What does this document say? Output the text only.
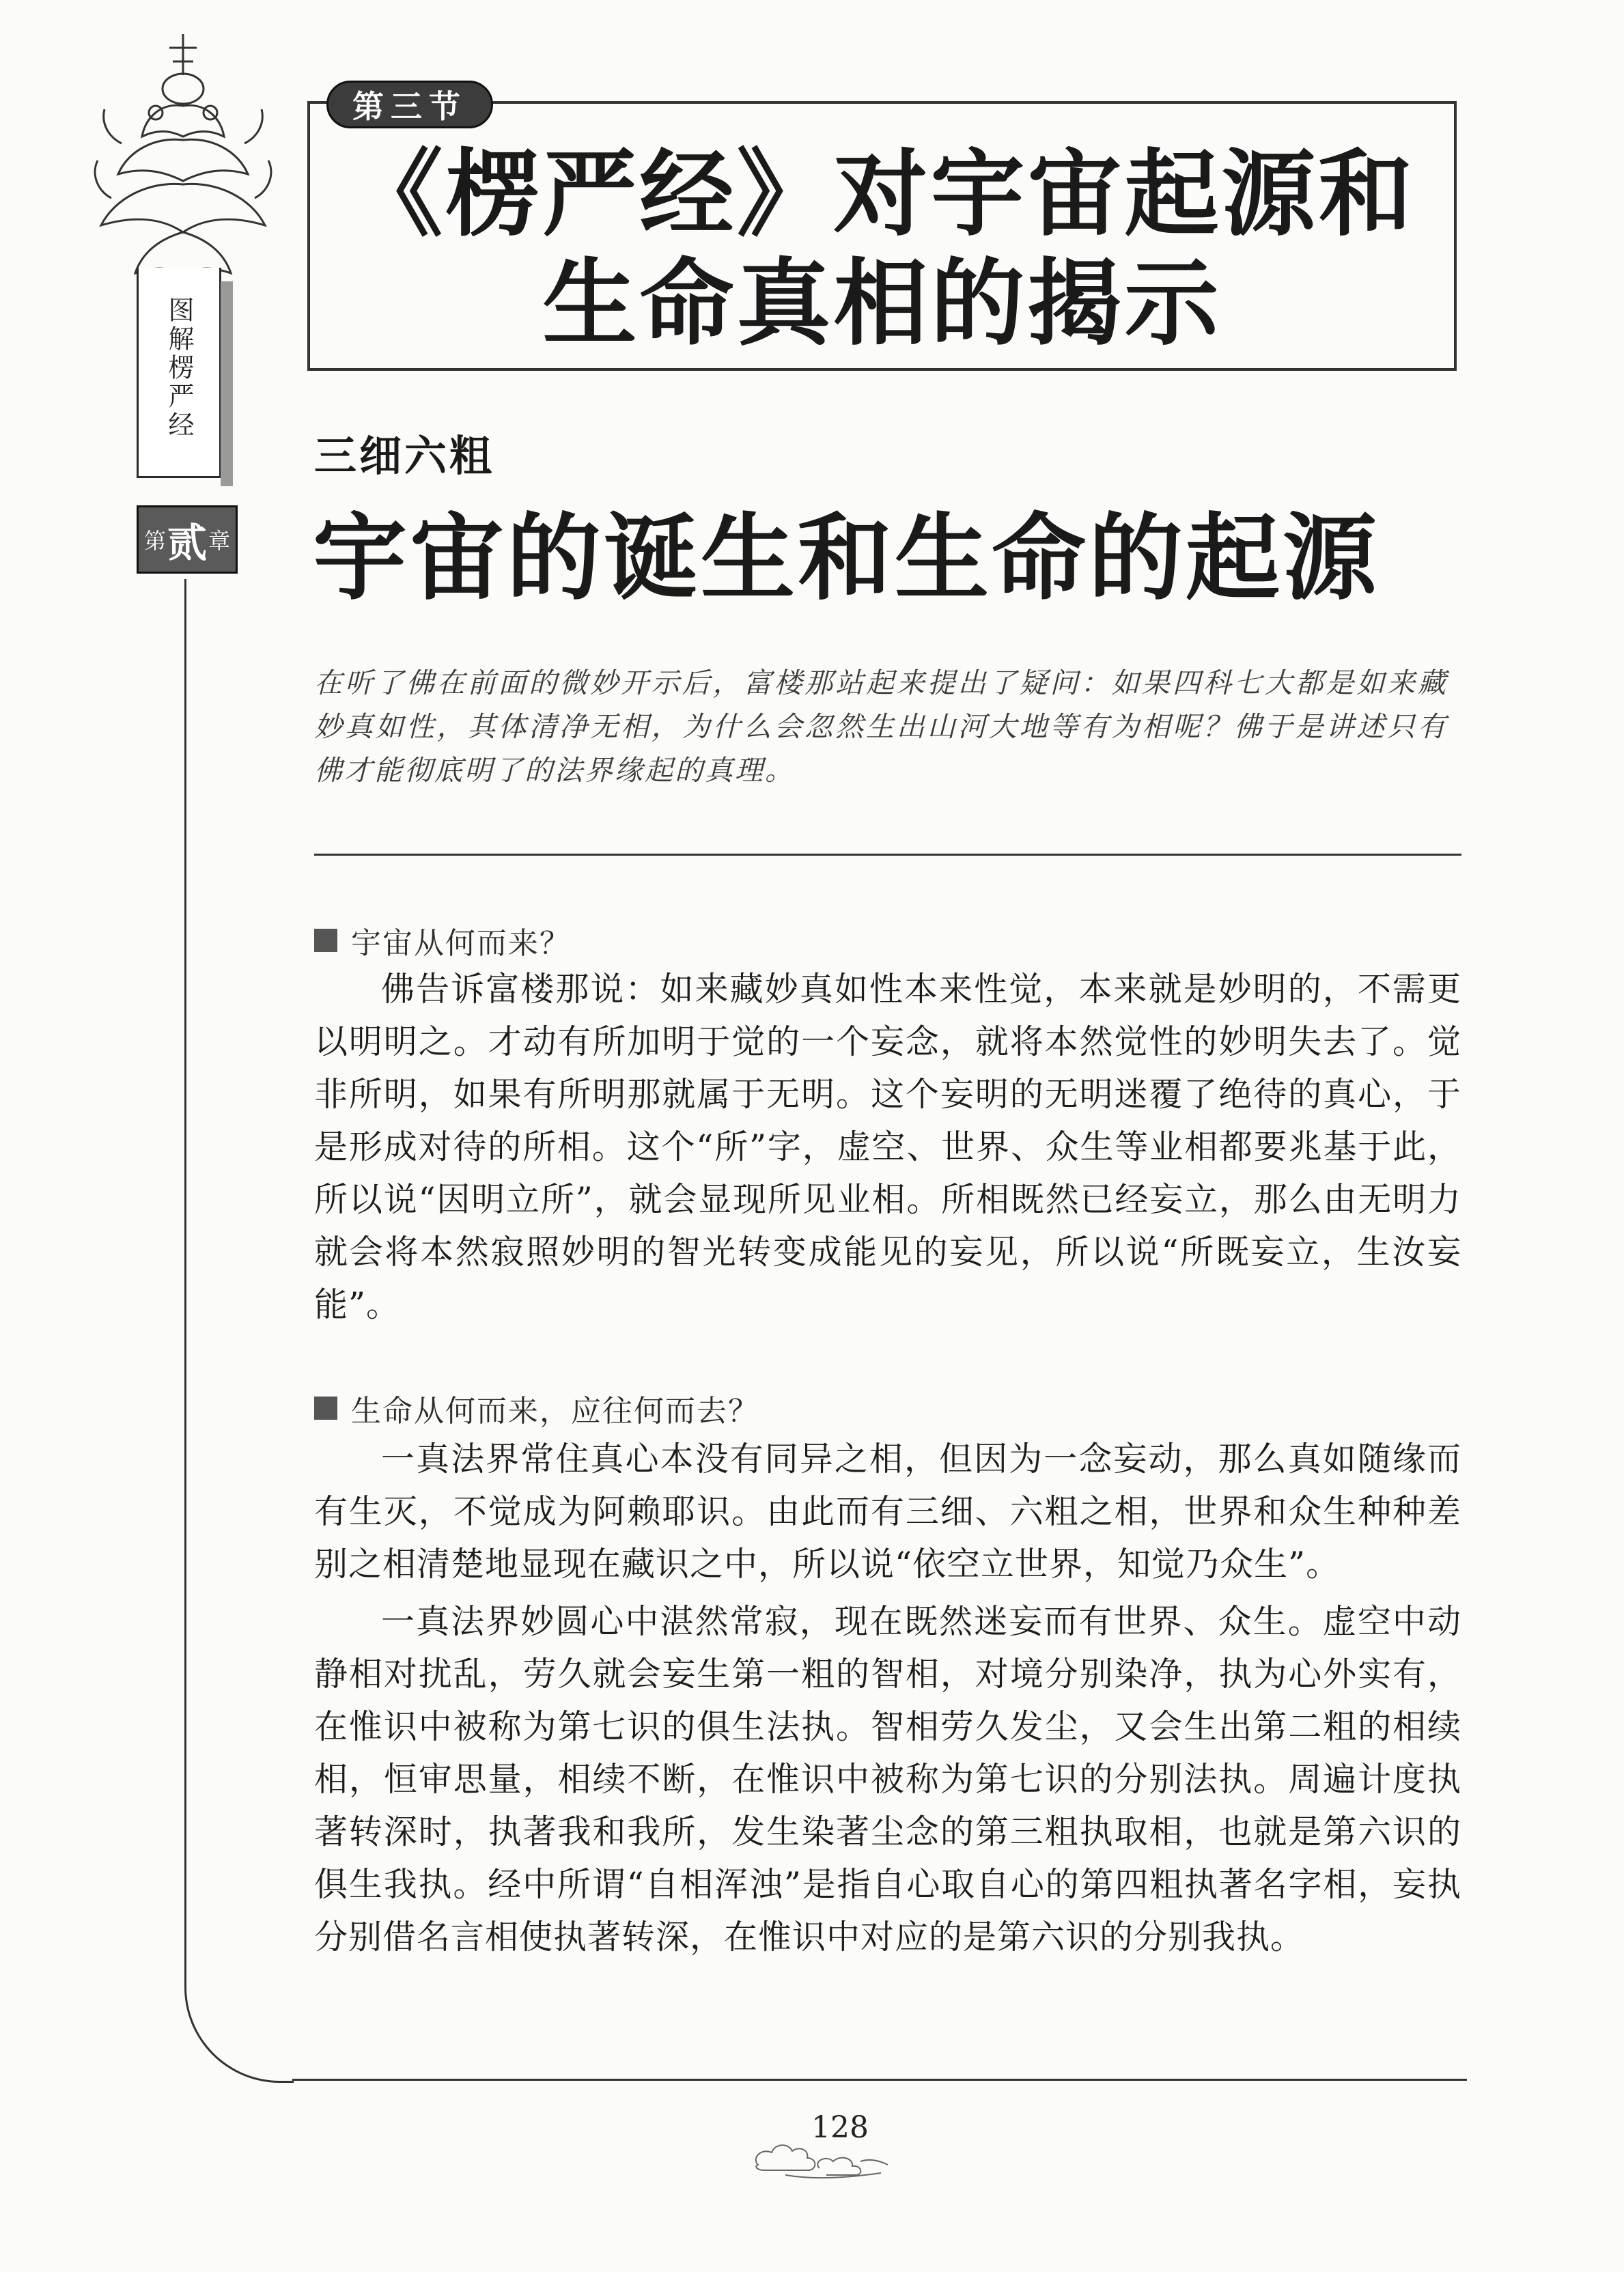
图解楞严经
第 贰 章
第三节
《楞严经》对宇宙起源和
生命真相的揭示
三细六粗
宇宙的诞生和生命的起源

在听了佛在前面的微妙开示后，富楼那站起来提出了疑问：如果四科七大都是如来藏妙真如性，其体清净无相，为什么会忽然生出山河大地等有为相呢？佛于是讲述只有佛才能彻底明了的法界缘起的真理。

宇宙从何而来？

佛告诉富楼那说：如来藏妙真如性本来性觉，本来就是妙明的，不需更以明明之。才动有所加明于觉的一个妄念，就将本然觉性的妙明失去了。觉非所明，如果有所明那就属于无明。这个妄明的无明迷覆了绝待的真心，于是形成对待的所相。这个“所”字，虚空、世界、众生等业相都要兆基于此，所以说“因明立所”，就会显现所见业相。所相既然已经妄立，那么由无明力就会将本然寂照妙明的智光转变成能见的妄见，所以说“所既妄立，生汝妄能”。

生命从何而来，应往何而去？

一真法界常住真心本没有同异之相，但因为一念妄动，那么真如随缘而有生灭，不觉成为阿赖耶识。由此而有三细、六粗之相，世界和众生种种差别之相清楚地显现在藏识之中，所以说“依空立世界，知觉乃众生”。

一真法界妙圆心中湛然常寂，现在既然迷妄而有世界、众生。虚空中动静相对扰乱，劳久就会妄生第一粗的智相，对境分别染净，执为心外实有，在惟识中被称为第七识的俱生法执。智相劳久发尘，又会生出第二粗的相续相，恒审思量，相续不断，在惟识中被称为第七识的分别法执。周遍计度执著转深时，执著我和我所，发生染著尘念的第三粗执取相，也就是第六识的俱生我执。经中所谓“自相浑浊”是指自心取自心的第四粗执著名字相，妄执分别借名言相使执著转深，在惟识中对应的是第六识的分别我执。

128
